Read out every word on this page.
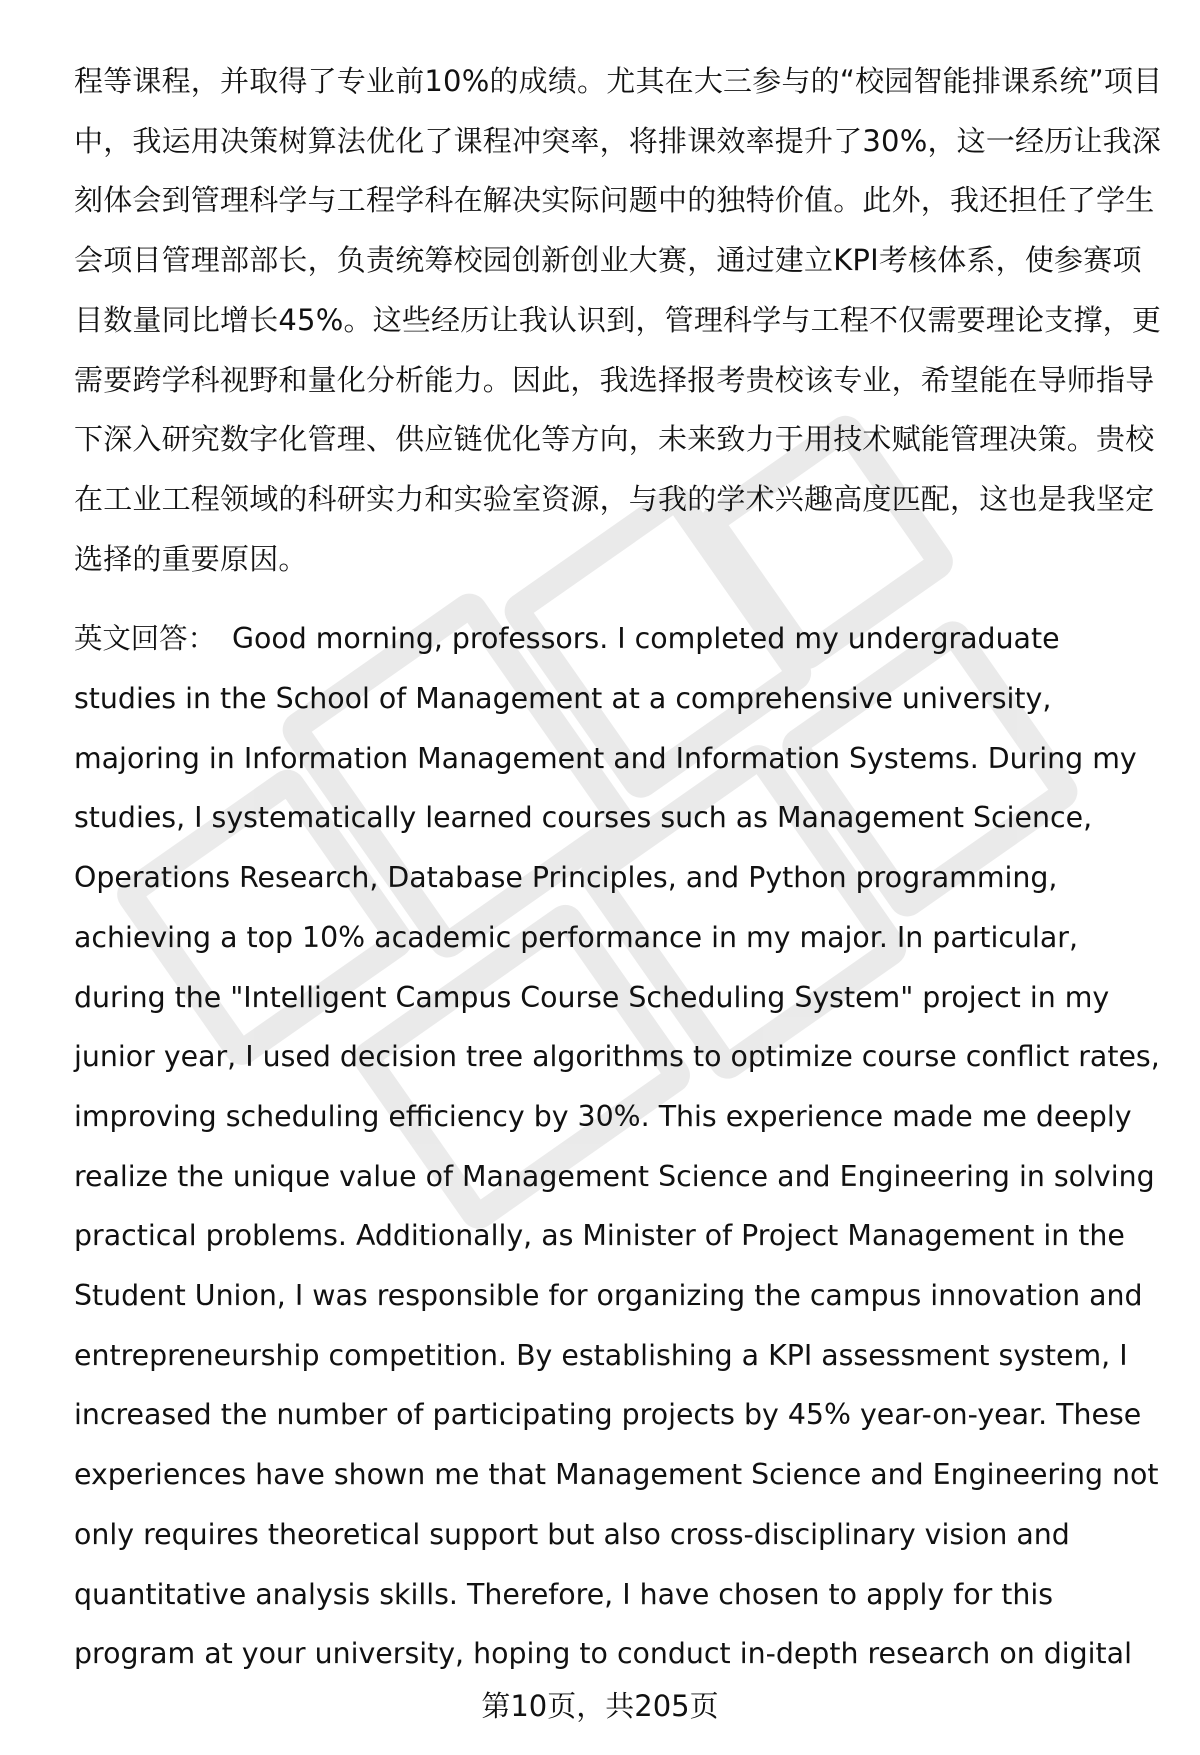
程等课程，并取得了专业前10%的成绩。尤其在大三参与的“校园智能排课系统”项目中，我运用决策树算法优化了课程冲突率，将排课效率提升了30%，这一经历让我深刻体会到管理科学与工程学科在解决实际问题中的独特价值。此外，我还担任了学生会项目管理部部长，负责统筹校园创新创业大赛，通过建立KPI考核体系，使参赛项目数量同比增长45%。这些经历让我认识到，管理科学与工程不仅需要理论支撑，更需要跨学科视野和量化分析能力。因此，我选择报考贵校该专业，希望能在导师指导下深入研究数字化管理、供应链优化等方向，未来致力于用技术赋能管理决策。贵校在工业工程领域的科研实力和实验室资源，与我的学术兴趣高度匹配，这也是我坚定选择的重要原因。

英文回答： Good morning, professors. I completed my undergraduate studies in the School of Management at a comprehensive university, majoring in Information Management and Information Systems. During my studies, I systematically learned courses such as Management Science, Operations Research, Database Principles, and Python programming, achieving a top 10% academic performance in my major. In particular, during the "Intelligent Campus Course Scheduling System" project in my junior year, I used decision tree algorithms to optimize course conflict rates, improving scheduling efficiency by 30%. This experience made me deeply realize the unique value of Management Science and Engineering in solving practical problems. Additionally, as Minister of Project Management in the Student Union, I was responsible for organizing the campus innovation and entrepreneurship competition. By establishing a KPI assessment system, I increased the number of participating projects by 45% year-on-year. These experiences have shown me that Management Science and Engineering not only requires theoretical support but also cross-disciplinary vision and quantitative analysis skills. Therefore, I have chosen to apply for this program at your university, hoping to conduct in-depth research on digital

第10页，共205页
